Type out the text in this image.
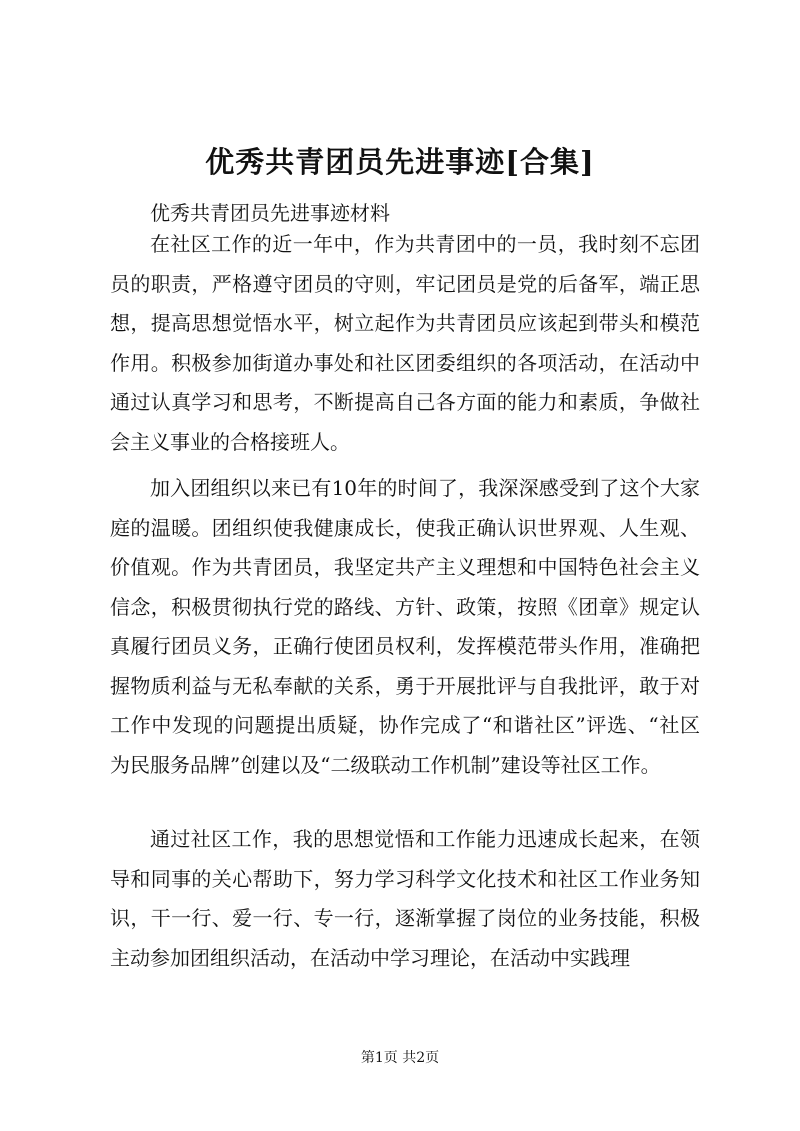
优秀共青团员先进事迹[合集]

优秀共青团员先进事迹材料

在社区工作的近一年中，作为共青团中的一员，我时刻不忘团员的职责，严格遵守团员的守则，牢记团员是党的后备军，端正思想，提高思想觉悟水平，树立起作为共青团员应该起到带头和模范作用。积极参加街道办事处和社区团委组织的各项活动，在活动中通过认真学习和思考，不断提高自己各方面的能力和素质，争做社会主义事业的合格接班人。

加入团组织以来已有10年的时间了，我深深感受到了这个大家庭的温暖。团组织使我健康成长，使我正确认识世界观、人生观、价值观。作为共青团员，我坚定共产主义理想和中国特色社会主义信念，积极贯彻执行党的路线、方针、政策，按照《团章》规定认真履行团员义务，正确行使团员权利，发挥模范带头作用，准确把握物质利益与无私奉献的关系，勇于开展批评与自我批评，敢于对工作中发现的问题提出质疑，协作完成了“和谐社区”评选、“社区为民服务品牌”创建以及“二级联动工作机制”建设等社区工作。

通过社区工作，我的思想觉悟和工作能力迅速成长起来，在领导和同事的关心帮助下，努力学习科学文化技术和社区工作业务知识，干一行、爱一行、专一行，逐渐掌握了岗位的业务技能，积极主动参加团组织活动，在活动中学习理论，在活动中实践理

第1页 共2页
